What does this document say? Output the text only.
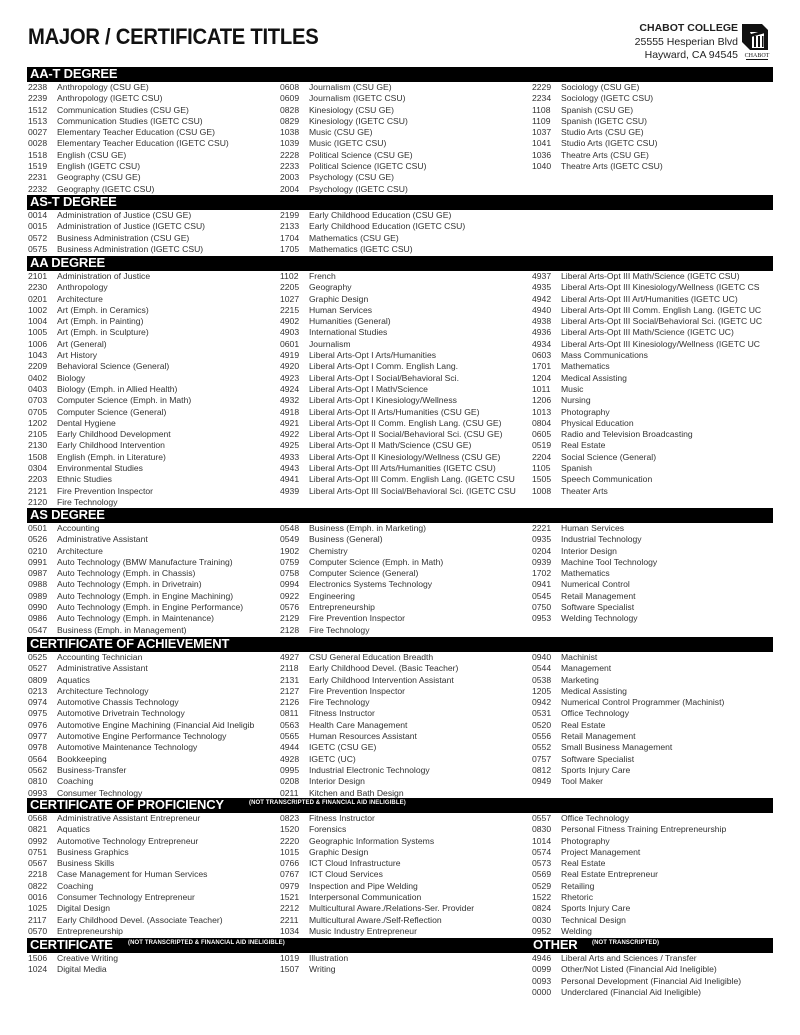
MAJOR / CERTIFICATE TITLES	CHABOT COLLEGE
25555 Hesperian Blvd
Hayward, CA 94545 CHABOT
AA-T DEGREE
2238 Anthropology (CSU GE)
2239 Anthropology (IGETC CSU)
1512 Communication Studies (CSU GE)
1513 Communication Studies (IGETC CSU)
0027 Elementary Teacher Education (CSU GE)
0028 Elementary Teacher Education (IGETC CSU)
1518 English (CSU GE)
1519 English (IGETC CSU)
2231 Geography (CSU GE)
2232 Geography (IGETC CSU)
0608 Journalism (CSU GE)
0609 Journalism (IGETC CSU)
0828 Kinesiology (CSU GE)
0829 Kinesiology (IGETC CSU)
1038 Music (CSU GE)
1039 Music (IGETC CSU)
2228 Political Science (CSU GE)
2233 Political Science (IGETC CSU)
2003 Psychology (CSU GE)
2004 Psychology (IGETC CSU)
2229 Sociology (CSU GE)
2234 Sociology (IGETC CSU)
1108 Spanish (CSU GE)
1109 Spanish (IGETC CSU)
1037 Studio Arts (CSU GE)
1041 Studio Arts (IGETC CSU)
1036 Theatre Arts (CSU GE)
1040 Theatre Arts (IGETC CSU)
AS-T DEGREE
0014 Administration of Justice (CSU GE)
0015 Administration of Justice (IGETC CSU)
0572 Business Administration (CSU GE)
0575 Business Administration (IGETC CSU)
2199 Early Childhood Education (CSU GE)
2133 Early Childhood Education (IGETC CSU)
1704 Mathematics (CSU GE)
1705 Mathematics (IGETC CSU)
AA DEGREE
2101 Administration of Justice
2230 Anthropology
0201 Architecture
1002 Art (Emph. in Ceramics)
1004 Art (Emph. in Painting)
1005 Art (Emph. in Sculpture)
1006 Art (General)
1043 Art History
2209 Behavioral Science (General)
0402 Biology
0403 Biology (Emph. in Allied Health)
0703 Computer Science (Emph. in Math)
0705 Computer Science (General)
1202 Dental Hygiene
2105 Early Childhood Development
2130 Early Childhood Intervention
1508 English (Emph. in Literature)
0304 Environmental Studies
2203 Ethnic Studies
2121 Fire Prevention Inspector
2120 Fire Technology
1102 French
2205 Geography
1027 Graphic Design
2215 Human Services
4902 Humanities (General)
4903 International Studies
0601 Journalism
4919 Liberal Arts-Opt I Arts/Humanities
4920 Liberal Arts-Opt I Comm. English Lang.
4923 Liberal Arts-Opt I Social/Behavioral Sci.
4924 Liberal Arts-Opt I Math/Science
4932 Liberal Arts-Opt I Kinesiology/Wellness
4918 Liberal Arts-Opt II Arts/Humanities (CSU GE)
4921 Liberal Arts-Opt II Comm. English Lang. (CSU GE)
4922 Liberal Arts-Opt II Social/Behavioral Sci. (CSU GE)
4925 Liberal Arts-Opt II Math/Science (CSU GE)
4933 Liberal Arts-Opt II Kinesiology/Wellness (CSU GE)
4943 Liberal Arts-Opt III Arts/Humanities (IGETC CSU)
4941 Liberal Arts-Opt III Comm. English Lang. (IGETC CSU
4939 Liberal Arts-Opt III Social/Behavioral Sci. (IGETC CSU
4937 Liberal Arts-Opt III Math/Science (IGETC CSU)
4935 Liberal Arts-Opt III Kinesiology/Wellness (IGETC CS
4942 Liberal Arts-Opt III Art/Humanities (IGETC UC)
4940 Liberal Arts-Opt III Comm. English Lang. (IGETC UC
4938 Liberal Arts-Opt III Social/Behavioral Sci. (IGETC UC
4936 Liberal Arts-Opt III Math/Science (IGETC UC)
4934 Liberal Arts-Opt III Kinesiology/Wellness (IGETC UC
0603 Mass Communications
1701 Mathematics
1204 Medical Assisting
1011 Music
1206 Nursing
1013 Photography
0804 Physical Education
0605 Radio and Television Broadcasting
0519 Real Estate
2204 Social Science (General)
1105 Spanish
1505 Speech Communication
1008 Theater Arts
AS DEGREE
0501 Accounting
0526 Administrative Assistant
0210 Architecture
0991 Auto Technology (BMW Manufacture Training)
0987 Auto Technology (Emph. in Chassis)
0988 Auto Technology (Emph. in Drivetrain)
0989 Auto Technology (Emph. in Engine Machining)
0990 Auto Technology (Emph. in Engine Performance)
0986 Auto Technology (Emph. in Maintenance)
0547 Business (Emph. in Management)
0548 Business (Emph. in Marketing)
0549 Business (General)
1902 Chemistry
0759 Computer Science (Emph. in Math)
0758 Computer Science (General)
0994 Electronics Systems Technology
0922 Engineering
0576 Entrepreneurship
2129 Fire Prevention Inspector
2128 Fire Technology
2221 Human Services
0935 Industrial Technology
0204 Interior Design
0939 Machine Tool Technology
1702 Mathematics
0941 Numerical Control
0545 Retail Management
0750 Software Specialist
0953 Welding Technology
CERTIFICATE OF ACHIEVEMENT
0525 Accounting Technician
0527 Administrative Assistant
0809 Aquatics
0213 Architecture Technology
0974 Automotive Chassis Technology
0975 Automotive Drivetrain Technology
0976 Automotive Engine Machining (Financial Aid Ineligib
0977 Automotive Engine Performance Technology
0978 Automotive Maintenance Technology
0564 Bookkeeping
0562 Business-Transfer
0810 Coaching
0993 Consumer Technology
4927 CSU General Education Breadth
2118 Early Childhood Devel. (Basic Teacher)
2131 Early Childhood Intervention Assistant
2127 Fire Prevention Inspector
2126 Fire Technology
0811 Fitness Instructor
0563 Health Care Management
0565 Human Resources Assistant
4944 IGETC (CSU GE)
4928 IGETC (UC)
0995 Industrial Electronic Technology
0208 Interior Design
0211 Kitchen and Bath Design
0940 Machinist
0544 Management
0538 Marketing
1205 Medical Assisting
0942 Numerical Control Programmer (Machinist)
0531 Office Technology
0520 Real Estate
0556 Retail Management
0552 Small Business Management
0757 Software Specialist
0812 Sports Injury Care
0949 Tool Maker
CERTIFICATE OF PROFICIENCY	(NOT TRANSCRIPTED & FINANCIAL AID INELIGIBLE)
0568 Administrative Assistant Entrepreneur
0821 Aquatics
0992 Automotive Technology Entrepreneur
0751 Business Graphics
0567 Business Skills
2218 Case Management for Human Services
0822 Coaching
0016 Consumer Technology Entrepreneur
1025 Digital Design
2117 Early Childhood Devel. (Associate Teacher)
0570 Entrepreneurship
0823 Fitness Instructor
1520 Forensics
2220 Geographic Information Systems
1015 Graphic Design
0766 ICT Cloud Infrastructure
0767 ICT Cloud Services
0979 Inspection and Pipe Welding
1521 Interpersonal Communication
2212 Multicultural Aware./Relations-Ser. Provider
2211 Multicultural Aware./Self-Reflection
1034 Music Industry Entrepreneur
0557 Office Technology
0830 Personal Fitness Training Entrepreneurship
1014 Photography
0574 Project Management
0573 Real Estate
0569 Real Estate Entrepreneur
0529 Retailing
1522 Rhetoric
0824 Sports Injury Care
0030 Technical Design
0952 Welding
CERTIFICATE	(NOT TRANSCRIPTED & FINANCIAL AID INELIGIBLE)	OTHER (NOT TRANSCRIPTED)
1506 Creative Writing
1024 Digital Media
1019 Illustration
1507 Writing
4946 Liberal Arts and Sciences / Transfer
0099 Other/Not Listed (Financial Aid Ineligible)
0093 Personal Development (Financial Aid Ineligible)
0000 Underclared (Financial Aid Ineligible)
